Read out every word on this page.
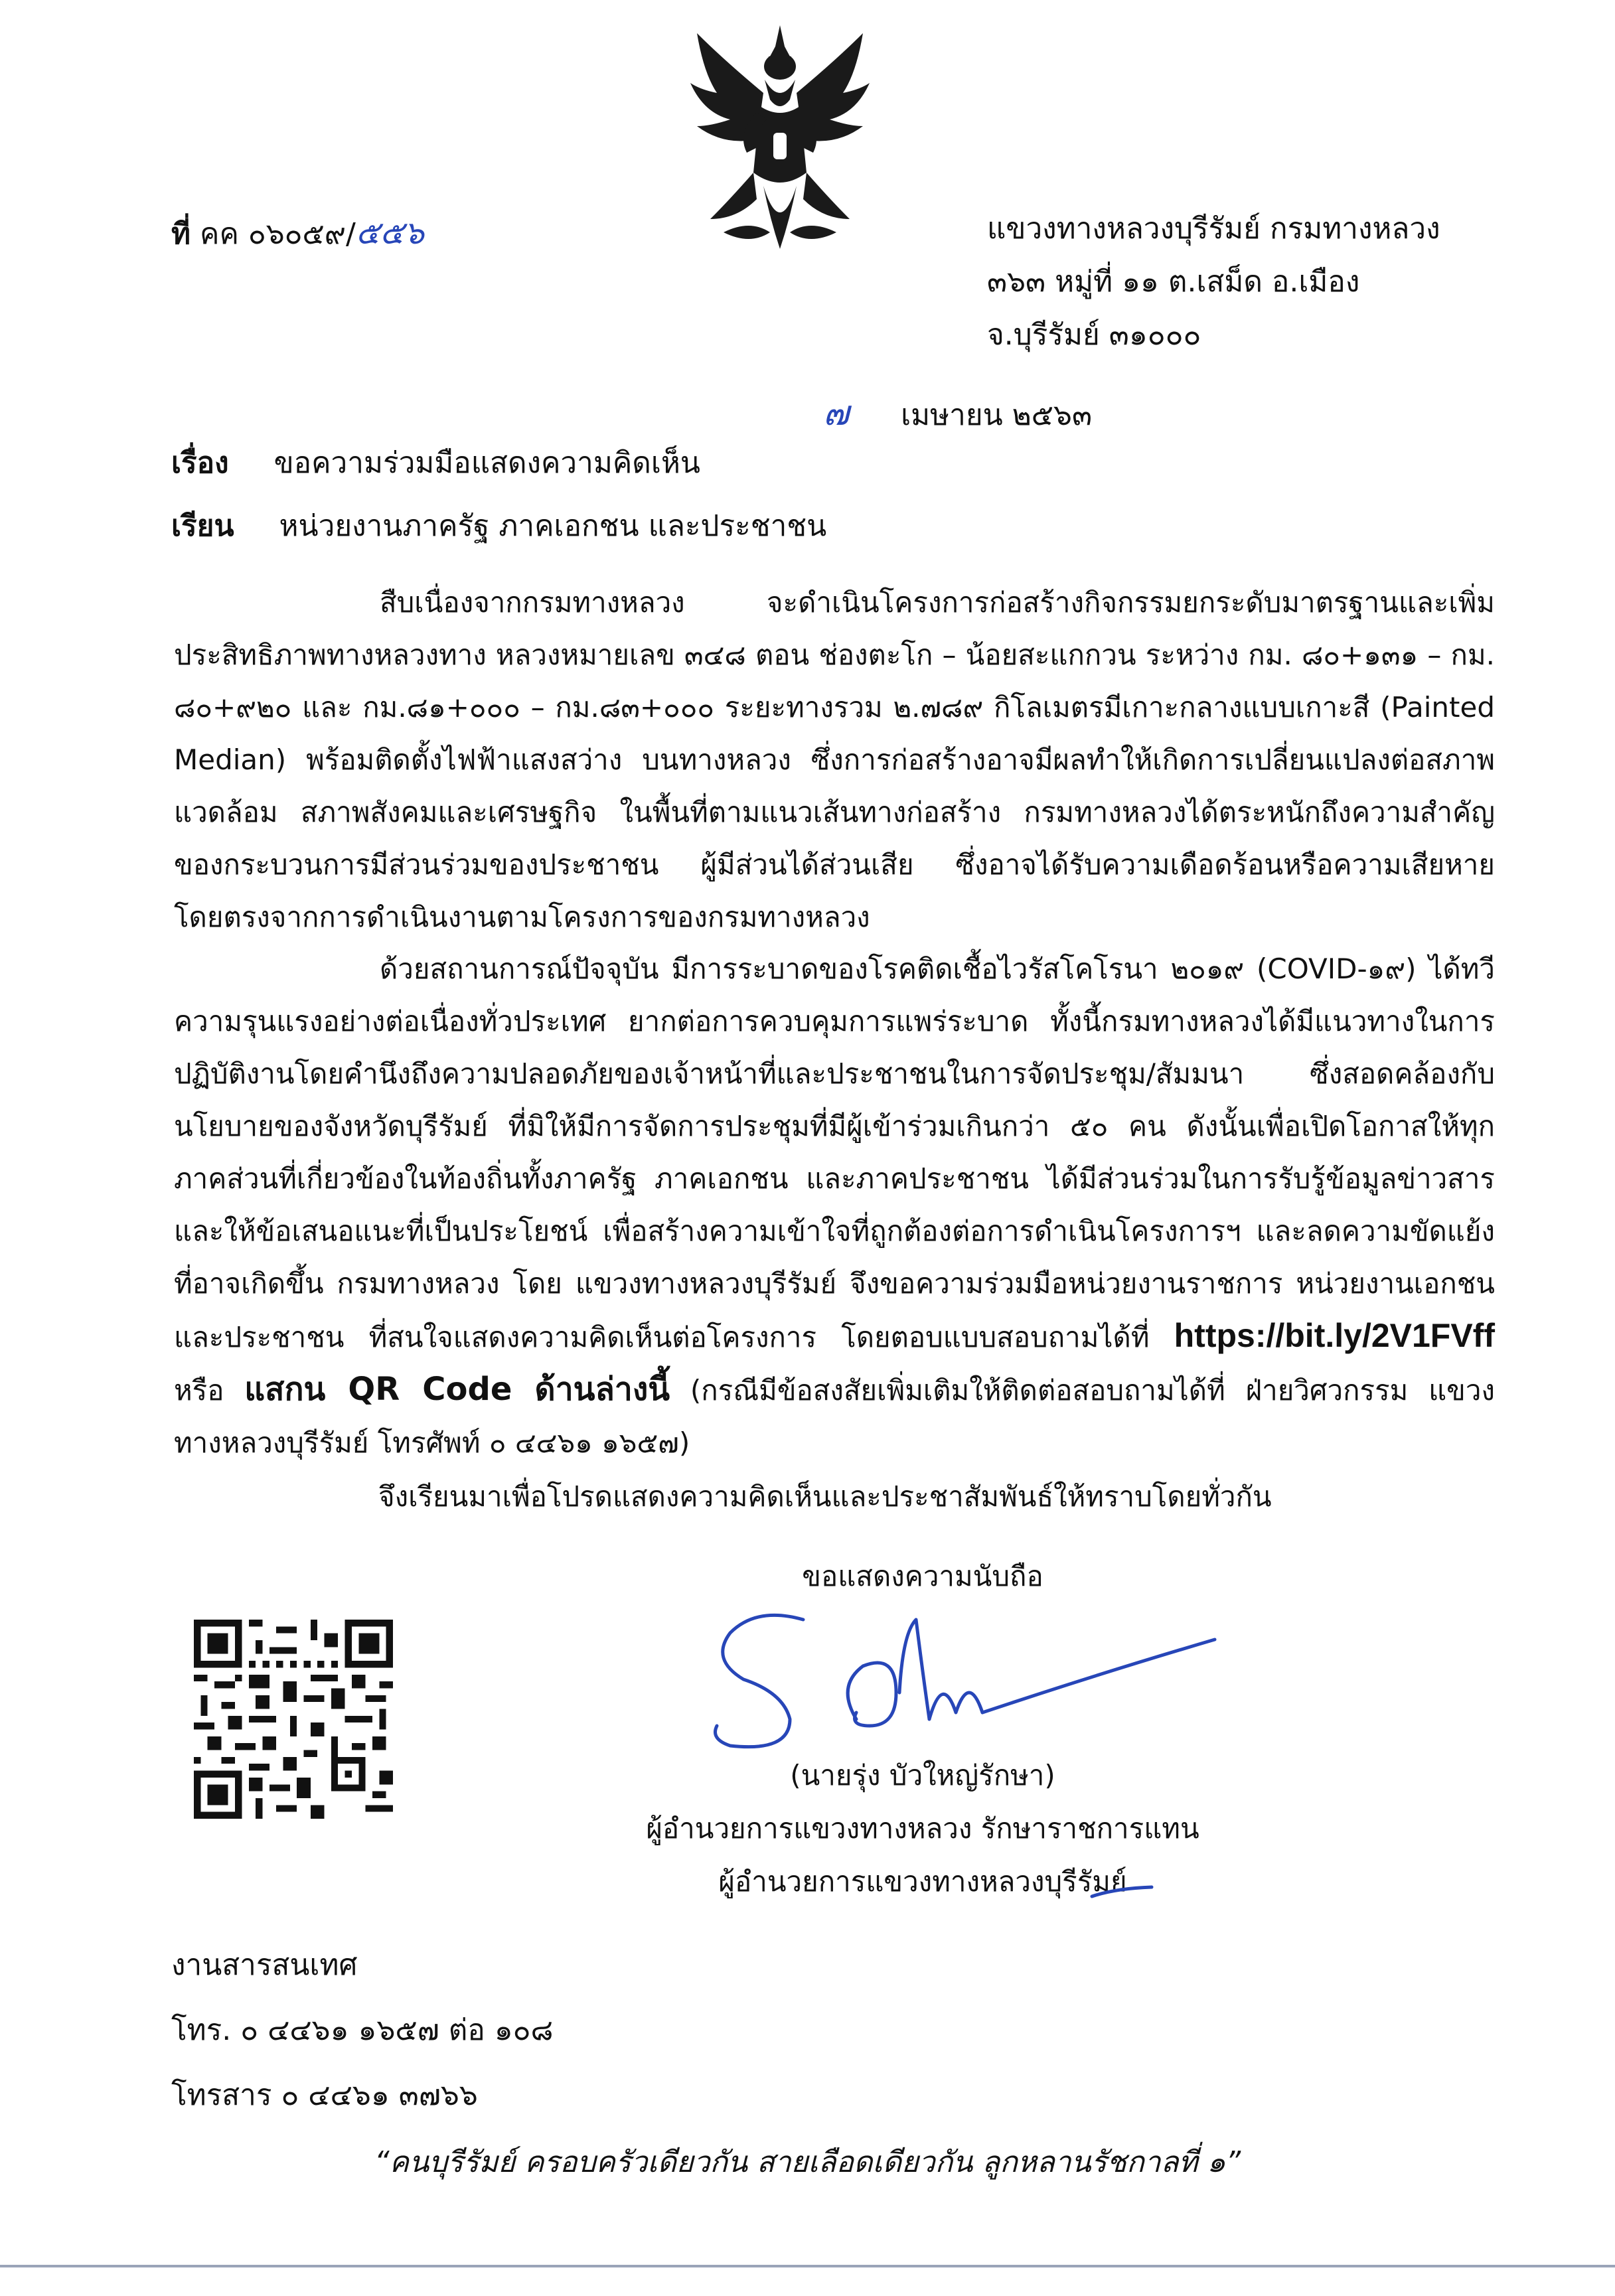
ที่ คค ๐๖๐๕๙/๕๕๖	แขวงทางหลวงบุรีรัมย์ กรมทางหลวง
๓๖๓ หมู่ที่ ๑๑ ต.เสม็ด อ.เมือง
จ.บุรีรัมย์ ๓๑๐๐๐
๗ เมษายน ๒๕๖๓
เรื่อง ขอความร่วมมือแสดงความคิดเห็น
เรียน หน่วยงานภาครัฐ ภาคเอกชน และประชาชน

สืบเนื่องจากกรมทางหลวง จะดำเนินโครงการก่อสร้างกิจกรรมยกระดับมาตรฐานและเพิ่มประสิทธิภาพทางหลวงทาง หลวงหมายเลข ๓๔๘ ตอน ช่องตะโก – น้อยสะแกกวน ระหว่าง กม. ๘๐+๑๓๑ – กม. ๘๐+๙๒๐ และ กม.๘๑+๐๐๐ – กม.๘๓+๐๐๐ ระยะทางรวม ๒.๗๘๙ กิโลเมตรมีเกาะกลางแบบเกาะสี (Painted Median) พร้อมติดตั้งไฟฟ้าแสงสว่าง บนทางหลวง ซึ่งการก่อสร้างอาจมีผลทำให้เกิดการเปลี่ยนแปลงต่อสภาพแวดล้อม สภาพสังคมและเศรษฐกิจ ในพื้นที่ตามแนวเส้นทางก่อสร้าง กรมทางหลวงได้ตระหนักถึงความสำคัญของกระบวนการมีส่วนร่วมของประชาชน ผู้มีส่วนได้ส่วนเสีย ซึ่งอาจได้รับความเดือดร้อนหรือความเสียหายโดยตรงจากการดำเนินงานตามโครงการของกรมทางหลวง

ด้วยสถานการณ์ปัจจุบัน มีการระบาดของโรคติดเชื้อไวรัสโคโรนา ๒๐๑๙ (COVID-๑๙) ได้ทวีความรุนแรงอย่างต่อเนื่องทั่วประเทศ ยากต่อการควบคุมการแพร่ระบาด ทั้งนี้กรมทางหลวงได้มีแนวทางในการปฏิบัติงานโดยคำนึงถึงความปลอดภัยของเจ้าหน้าที่และประชาชนในการจัดประชุม/สัมมนา ซึ่งสอดคล้องกับนโยบายของจังหวัดบุรีรัมย์ ที่มิให้มีการจัดการประชุมที่มีผู้เข้าร่วมเกินกว่า ๕๐ คน ดังนั้นเพื่อเปิดโอกาสให้ทุกภาคส่วนที่เกี่ยวข้องในท้องถิ่นทั้งภาครัฐ ภาคเอกชน และภาคประชาชน ได้มีส่วนร่วมในการรับรู้ข้อมูลข่าวสารและให้ข้อเสนอแนะที่เป็นประโยชน์ เพื่อสร้างความเข้าใจที่ถูกต้องต่อการดำเนินโครงการฯ และลดความขัดแย้งที่อาจเกิดขึ้น กรมทางหลวง โดย แขวงทางหลวงบุรีรัมย์ จึงขอความร่วมมือหน่วยงานราชการ หน่วยงานเอกชน และประชาชน ที่สนใจแสดงความคิดเห็นต่อโครงการ โดยตอบแบบสอบถามได้ที่ https://bit.ly/2V1FVff หรือ แสกน QR Code ด้านล่างนี้ (กรณีมีข้อสงสัยเพิ่มเติมให้ติดต่อสอบถามได้ที่ ฝ่ายวิศวกรรม แขวงทางหลวงบุรีรัมย์ โทรศัพท์ ๐ ๔๔๖๑ ๑๖๕๗)

จึงเรียนมาเพื่อโปรดแสดงความคิดเห็นและประชาสัมพันธ์ให้ทราบโดยทั่วกัน
ขอแสดงความนับถือ
(นายรุ่ง บัวใหญ่รักษา)
ผู้อำนวยการแขวงทางหลวง รักษาราชการแทน
ผู้อำนวยการแขวงทางหลวงบุรีรัมย์
งานสารสนเทศ
โทร. ๐ ๔๔๖๑ ๑๖๕๗ ต่อ ๑๐๘
โทรสาร ๐ ๔๔๖๑ ๓๗๖๖
“คนบุรีรัมย์ ครอบครัวเดียวกัน สายเลือดเดียวกัน ลูกหลานรัชกาลที่ ๑”
